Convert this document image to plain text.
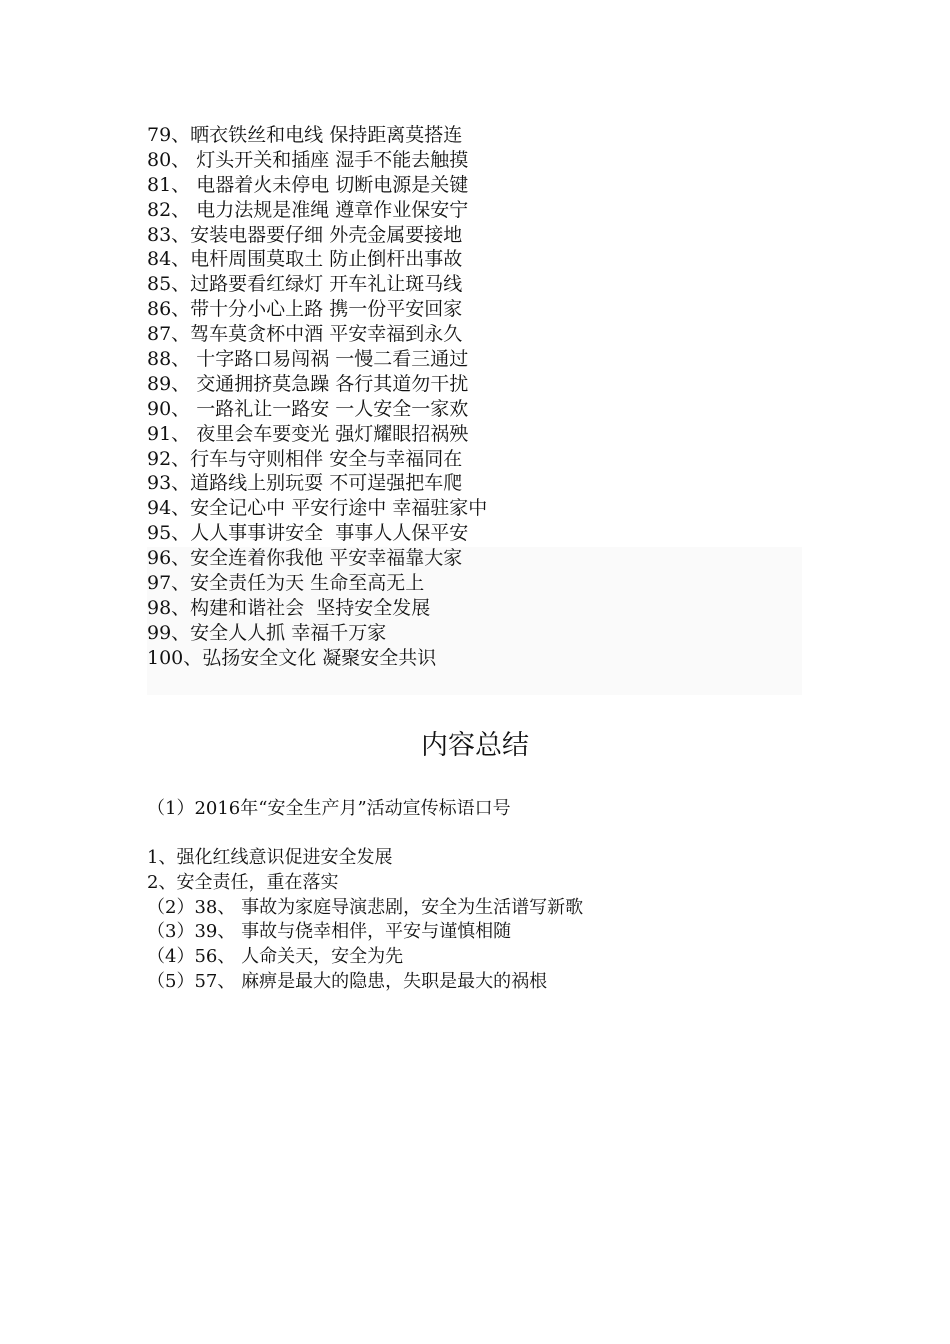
79、晒衣铁丝和电线 保持距离莫搭连
80、 灯头开关和插座 湿手不能去触摸
81、 电器着火未停电 切断电源是关键
82、 电力法规是准绳 遵章作业保安宁
83、安装电器要仔细 外壳金属要接地
84、电杆周围莫取土 防止倒杆出事故
85、过路要看红绿灯 开车礼让斑马线
86、带十分小心上路 携一份平安回家
87、驾车莫贪杯中酒 平安幸福到永久
88、 十字路口易闯祸 一慢二看三通过
89、 交通拥挤莫急躁 各行其道勿干扰
90、 一路礼让一路安 一人安全一家欢
91、 夜里会车要变光 强灯耀眼招祸殃
92、行车与守则相伴 安全与幸福同在
93、道路线上别玩耍 不可逞强把车爬
94、安全记心中 平安行途中 幸福驻家中
95、人人事事讲安全  事事人人保平安
96、安全连着你我他 平安幸福靠大家
97、安全责任为天 生命至高无上
98、构建和谐社会  坚持安全发展
99、安全人人抓 幸福千万家
100、弘扬安全文化 凝聚安全共识
内容总结

（1）2016年“安全生产月”活动宣传标语口号

1、强化红线意识促进安全发展
2、安全责任，重在落实
（2）38、 事故为家庭导演悲剧，安全为生活谱写新歌
（3）39、 事故与侥幸相伴，平安与谨慎相随
（4）56、 人命关天，安全为先
（5）57、 麻痹是最大的隐患，失职是最大的祸根
